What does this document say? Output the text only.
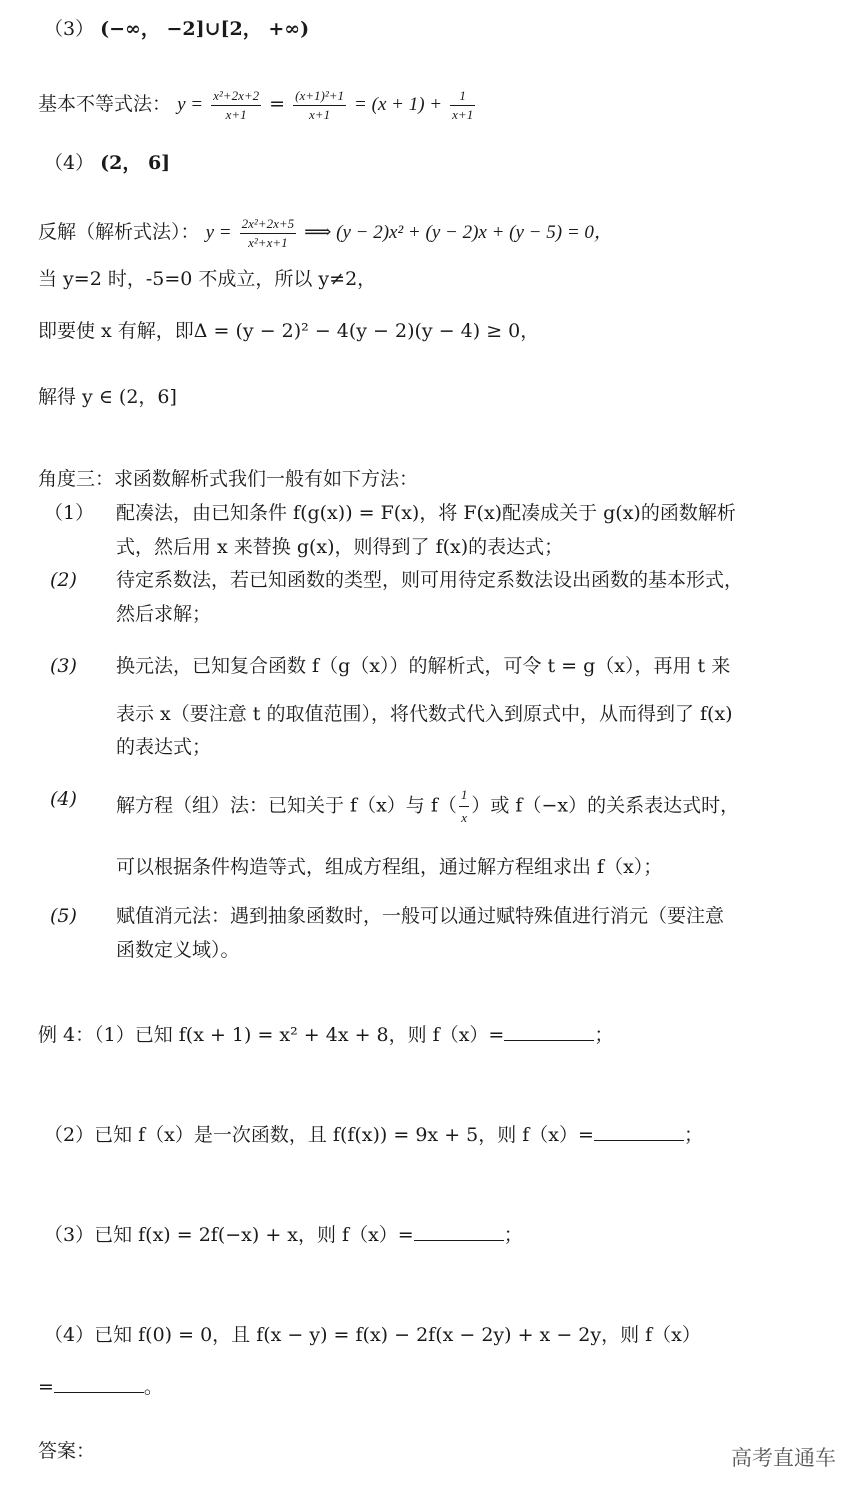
（3） (−∞， −2]∪[2， +∞)
基本不等式法： $y = \frac{\text{x²+2x+2}}{x+1} = \frac{\text{(x+1)²+1}}{x+1} = (x + 1) + \frac{1}{x+1}$
（4） (2， 6]
反解（解析式法）： $y = \frac{\text{2x²+2x+5}}{\text{x²+x+1}}$ ⟹ (y − 2)x² + (y − 2)x + (y − 5) = 0，
当 y=2 时，-5=0 不成立，所以 y≠2，
即要使 x 有解，即Δ = (y − 2)² − 4(y − 2)(y − 4) ≥ 0，
解得 y ∈ (2，6]
角度三：求函数解析式我们一般有如下方法：
（1） 配凑法，由已知条件 f(g(x)) = F(x)，将 F(x)配凑成关于 g(x)的函数解析
式，然后用 x 来替换 g(x)，则得到了 f(x)的表达式；
(2) 待定系数法，若已知函数的类型，则可用待定系数法设出函数的基本形式，
然后求解；
(3) 换元法，已知复合函数 f（g（x））的解析式，可令 t = g（x），再用 t 来
表示 x（要注意 t 的取值范围），将代数式代入到原式中，从而得到了 f(x)
的表达式；
(4) 解方程（组）法：已知关于 f（x）与 $f( \frac{1}{x}$ ）或 f（−x）的关系表达式时，
可以根据条件构造等式，组成方程组，通过解方程组求出 f（x）；
(5) 赋值消元法：遇到抽象函数时，一般可以通过赋特殊值进行消元（要注意
函数定义域）。
例 4：（1）已知 f(x + 1) = x² + 4x + 8，则 f（x）=	；
（2）已知 f（x）是一次函数，且 f(f(x)) = 9x + 5，则 f（x）=	；
（3）已知 f(x) = 2f(−x) + x，则 f（x）=	；
（4）已知 f(0) = 0，且 f(x − y) = f(x) − 2f(x − 2y) + x − 2y，则 f（x）
=	。
答案：	高考直通车
